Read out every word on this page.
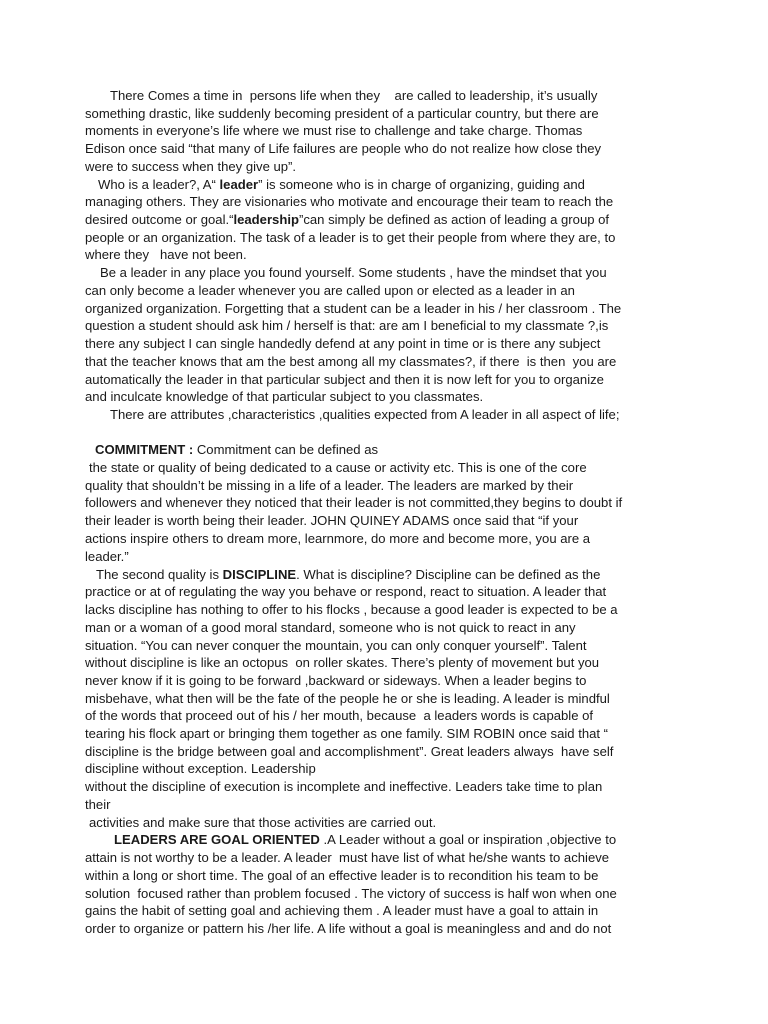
There Comes a time in  persons life when they    are called to leadership, it’s usually
something drastic, like suddenly becoming president of a particular country, but there are
moments in everyone’s life where we must rise to challenge and take charge. Thomas
Edison once said “that many of Life failures are people who do not realize how close they
were to success when they give up”.
Who is a leader?, A“ leader” is someone who is in charge of organizing, guiding and
managing others. They are visionaries who motivate and encourage their team to reach the
desired outcome or goal.“leadership”can simply be defined as action of leading a group of
people or an organization. The task of a leader is to get their people from where they are, to
where they   have not been.
Be a leader in any place you found yourself. Some students , have the mindset that you
can only become a leader whenever you are called upon or elected as a leader in an
organized organization. Forgetting that a student can be a leader in his / her classroom . The
question a student should ask him / herself is that: are am I beneficial to my classmate ?,is
there any subject I can single handedly defend at any point in time or is there any subject
that the teacher knows that am the best among all my classmates?, if there  is then  you are
automatically the leader in that particular subject and then it is now left for you to organize
and inculcate knowledge of that particular subject to you classmates.
There are attributes ,characteristics ,qualities expected from A leader in all aspect of life;
COMMITMENT : Commitment can be defined as
the state or quality of being dedicated to a cause or activity etc. This is one of the core
quality that shouldn’t be missing in a life of a leader. The leaders are marked by their
followers and whenever they noticed that their leader is not committed,they begins to doubt if
their leader is worth being their leader. JOHN QUINEY ADAMS once said that “if your
actions inspire others to dream more, learnmore, do more and become more, you are a
leader.”
The second quality is DISCIPLINE. What is discipline? Discipline can be defined as the
practice or at of regulating the way you behave or respond, react to situation. A leader that
lacks discipline has nothing to offer to his flocks , because a good leader is expected to be a
man or a woman of a good moral standard, someone who is not quick to react in any
situation. “You can never conquer the mountain, you can only conquer yourself”. Talent
without discipline is like an octopus  on roller skates. There’s plenty of movement but you
never know if it is going to be forward ,backward or sideways. When a leader begins to
misbehave, what then will be the fate of the people he or she is leading. A leader is mindful
of the words that proceed out of his / her mouth, because  a leaders words is capable of
tearing his flock apart or bringing them together as one family. SIM ROBIN once said that “
discipline is the bridge between goal and accomplishment”. Great leaders always  have self
discipline without exception. Leadership
without the discipline of execution is incomplete and ineffective. Leaders take time to plan
their
activities and make sure that those activities are carried out.
LEADERS ARE GOAL ORIENTED .A Leader without a goal or inspiration ,objective to
attain is not worthy to be a leader. A leader  must have list of what he/she wants to achieve
within a long or short time. The goal of an effective leader is to recondition his team to be
solution  focused rather than problem focused . The victory of success is half won when one
gains the habit of setting goal and achieving them . A leader must have a goal to attain in
order to organize or pattern his /her life. A life without a goal is meaningless and and do not
